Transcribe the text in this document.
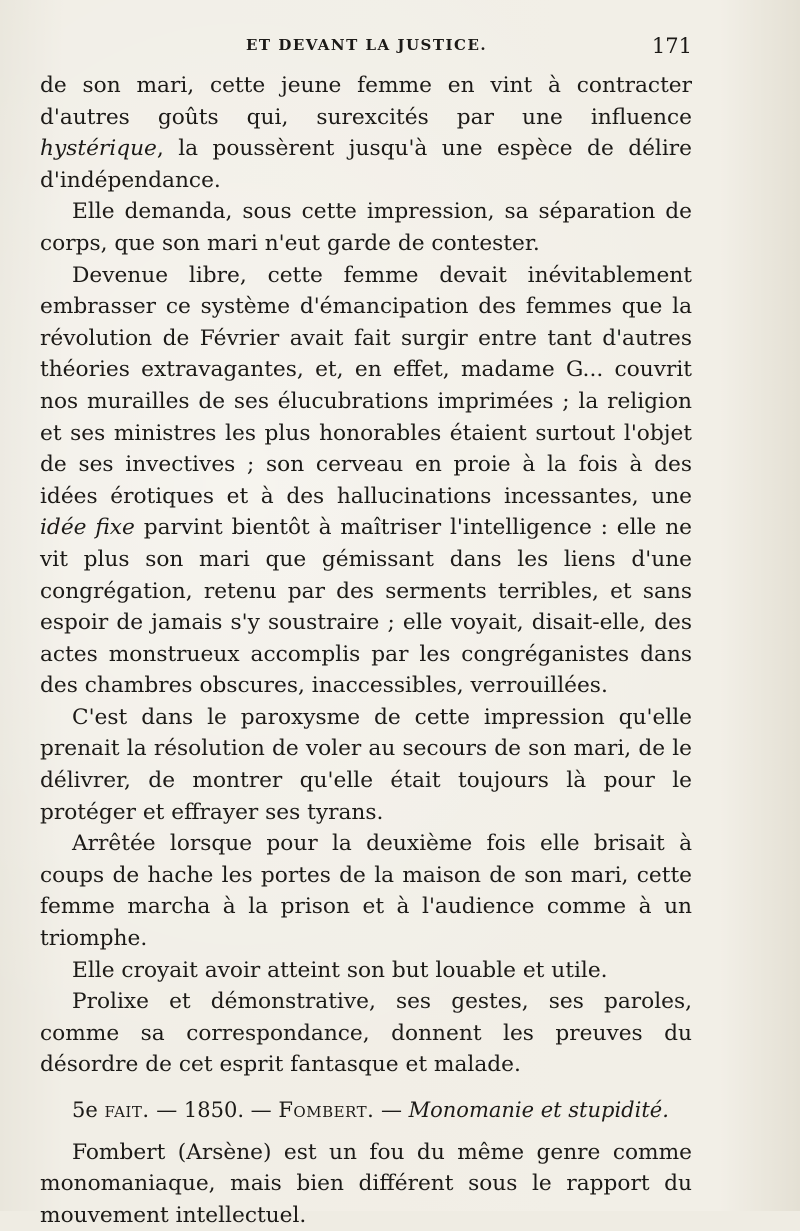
ET DEVANT LA JUSTICE.	171

de son mari, cette jeune femme en vint à contracter d'autres goûts qui, surexcités par une influence hystérique, la poussèrent jusqu'à une espèce de délire d'indépendance.

Elle demanda, sous cette impression, sa séparation de corps, que son mari n'eut garde de contester.

Devenue libre, cette femme devait inévitablement embrasser ce système d'émancipation des femmes que la révolution de Février avait fait surgir entre tant d'autres théories extravagantes, et, en effet, madame G... couvrit nos murailles de ses élucubrations imprimées ; la religion et ses ministres les plus honorables étaient surtout l'objet de ses invectives ; son cerveau en proie à la fois à des idées érotiques et à des hallucinations incessantes, une idée fixe parvint bientôt à maîtriser l'intelligence : elle ne vit plus son mari que gémissant dans les liens d'une congrégation, retenu par des serments terribles, et sans espoir de jamais s'y soustraire ; elle voyait, disait-elle, des actes monstrueux accomplis par les congréganistes dans des chambres obscures, inaccessibles, verrouillées.

C'est dans le paroxysme de cette impression qu'elle prenait la résolution de voler au secours de son mari, de le délivrer, de montrer qu'elle était toujours là pour le protéger et effrayer ses tyrans.

Arrêtée lorsque pour la deuxième fois elle brisait à coups de hache les portes de la maison de son mari, cette femme marcha à la prison et à l'audience comme à un triomphe.

Elle croyait avoir atteint son but louable et utile.

Prolixe et démonstrative, ses gestes, ses paroles, comme sa correspondance, donnent les preuves du désordre de cet esprit fantasque et malade.

5e fait. — 1850. — Fombert. — Monomanie et stupidité.

Fombert (Arsène) est un fou du même genre comme monomaniaque, mais bien différent sous le rapport du mouvement intellectuel.
